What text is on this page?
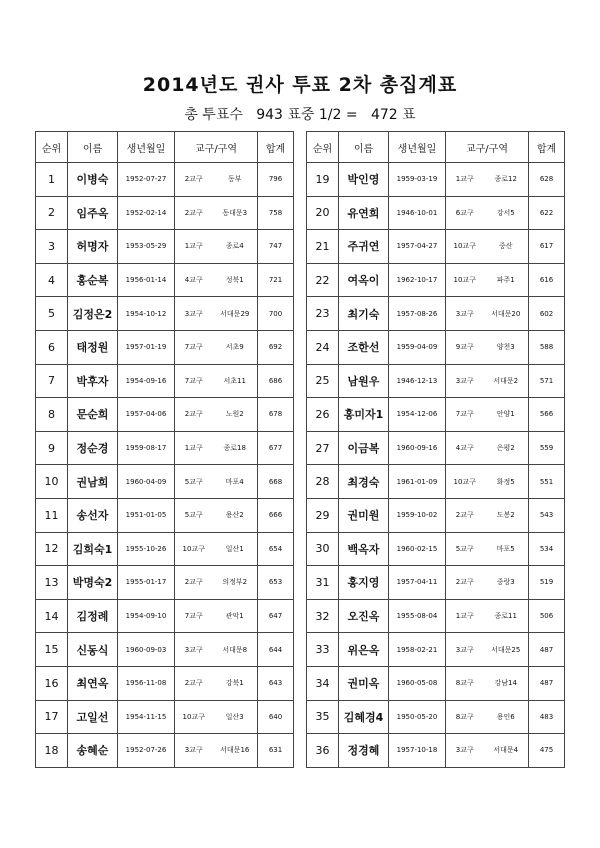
2014년도 권사 투표 2차 총집계표
총 투표수   943 표중 1/2 =   472 표
순위	이름	생년월일	교구/구역		합계
1	이병숙	1952-07-27	2교구	동부	796
2	임주옥	1952-02-14	2교구	동대문3	758
3	허명자	1953-05-29	1교구	종로4	747
4	홍순복	1956-01-14	4교구	성북1	721
5	김정은2	1954-10-12	3교구	서대문29	700
6	태정원	1957-01-19	7교구	서초9	692
7	박후자	1954-09-16	7교구	서초11	686
8	문순희	1957-04-06	2교구	노원2	678
9	정순경	1959-08-17	1교구	종로18	677
10	권남희	1960-04-09	5교구	마포4	668
11	송선자	1951-01-05	5교구	용산2	666
12	김희숙1	1955-10-26	10교구	일산1	654
13	박명숙2	1955-01-17	2교구	의정부2	653
14	김정례	1954-09-10	7교구	관악1	647
15	신동식	1960-09-03	3교구	서대문8	644
16	최연옥	1956-11-08	2교구	강북1	643
17	고일선	1954-11-15	10교구	일산3	640
18	송혜순	1952-07-26	3교구	서대문16	631
순위	이름	생년월일	교구/구역		합계
19	박인영	1959-03-19	1교구	종로12	628
20	유연희	1946-10-01	6교구	강서5	622
21	주귀연	1957-04-27	10교구	중산	617
22	여옥이	1962-10-17	10교구	파주1	616
23	최기숙	1957-08-26	3교구	서대문20	602
24	조한선	1959-04-09	9교구	양천3	588
25	남원우	1946-12-13	3교구	서대문2	571
26	홍미자1	1954-12-06	7교구	안양1	566
27	이금복	1960-09-16	4교구	은평2	559
28	최경숙	1961-01-09	10교구	화정5	551
29	권미원	1959-10-02	2교구	도봉2	543
30	백옥자	1960-02-15	5교구	마포5	534
31	홍지영	1957-04-11	2교구	중랑3	519
32	오진옥	1955-08-04	1교구	종로11	506
33	위은옥	1958-02-21	3교구	서대문25	487
34	권미옥	1960-05-08	8교구	강남14	487
35	김혜경4	1950-05-20	8교구	용인6	483
36	정경혜	1957-10-18	3교구	서대문4	475
